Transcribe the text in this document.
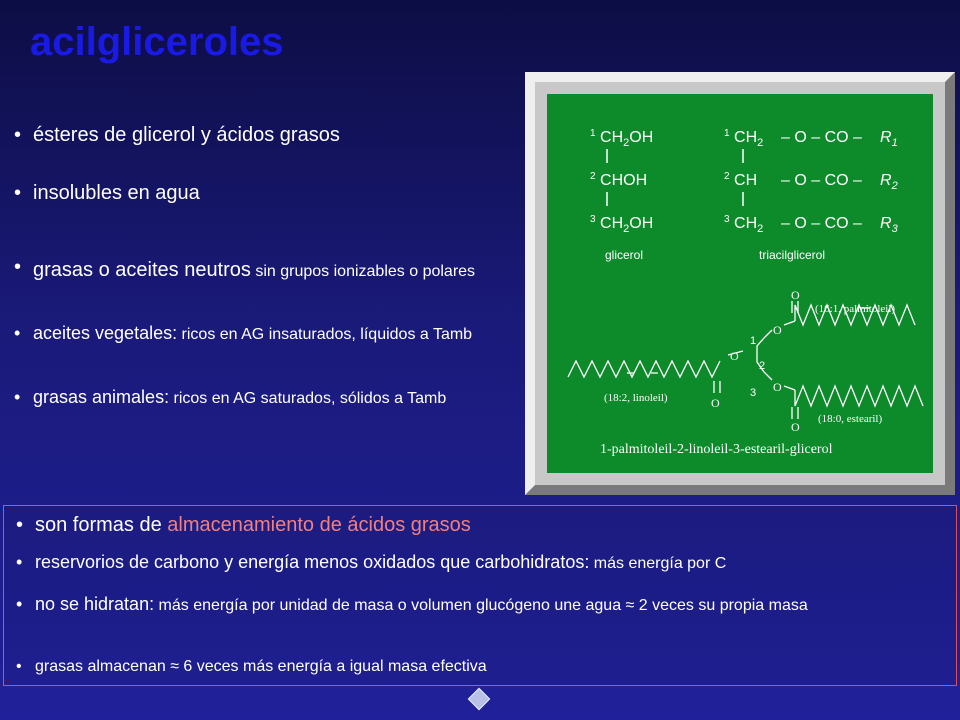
acilgliceroles
• ésteres de glicerol y ácidos grasos
• insolubles en agua
• grasas o aceites neutros sin grupos ionizables o polares
• aceites vegetales: ricos en AG insaturados, líquidos a Tamb
• grasas animales: ricos en AG saturados, sólidos a Tamb
$^1$ $CH_2OH$
$^2$ CHOH
$^3$ $CH_2OH$
$^1$ $CH_2$ – O – CO – $R_1$
$^2$ CH – O – CO – $R_2$
$^3$ $CH_2$ – O – CO – $R_3$
glicerol	triacilglicerol
O
O
O
O
O
O
(16:1, palmitoleil)
(18:2, linoleil)
(18:0, estearil)
1
2
3
1-palmitoleil-2-linoleil-3-estearil-glicerol
• son formas de almacenamiento de ácidos grasos
• reservorios de carbono y energía menos oxidados que carbohidratos: más energía por C
• no se hidratan: más energía por unidad de masa o volumen glucógeno une agua ≈ 2 veces su propia masa
• grasas almacenan ≈ 6 veces más energía a igual masa efectiva
